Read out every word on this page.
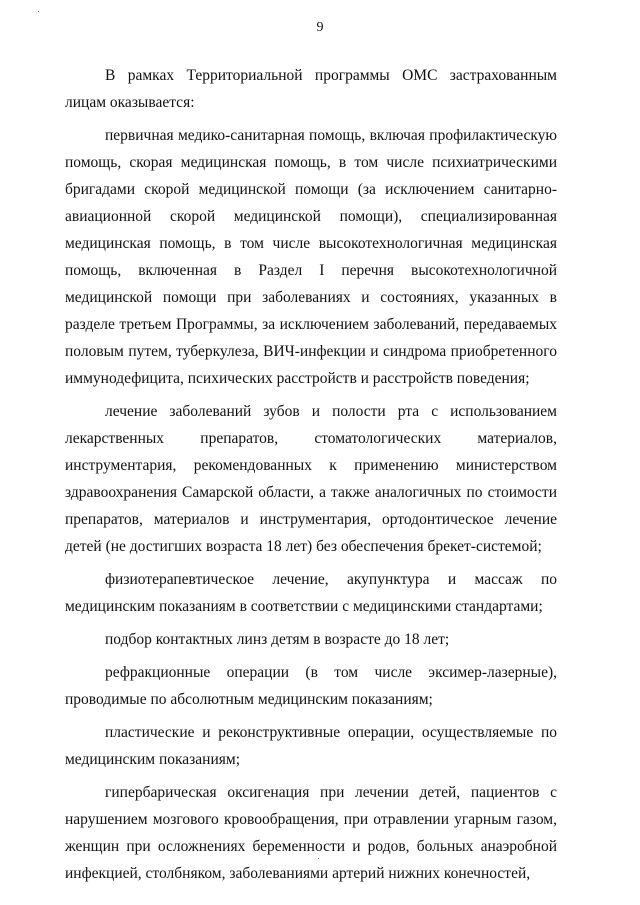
9

В рамках Территориальной программы ОМС застрахованным лицам оказывается:

первичная медико-санитарная помощь, включая профилактическую помощь, скорая медицинская помощь, в том числе психиатрическими бригадами скорой медицинской помощи (за исключением санитарно-авиационной скорой медицинской помощи), специализированная медицинская помощь, в том числе высокотехнологичная медицинская помощь, включенная в Раздел I перечня высокотехнологичной медицинской помощи при заболеваниях и состояниях, указанных в разделе третьем Программы, за исключением заболеваний, передаваемых половым путем, туберкулеза, ВИЧ-инфекции и синдрома приобретенного иммунодефицита, психических расстройств и расстройств поведения;

лечение заболеваний зубов и полости рта с использованием лекарственных препаратов, стоматологических материалов, инструментария, рекомендованных к применению министерством здравоохранения Самарской области, а также аналогичных по стоимости препаратов, материалов и инструментария, ортодонтическое лечение детей (не достигших возраста 18 лет) без обеспечения брекет-системой;

физиотерапевтическое лечение, акупунктура и массаж по медицинским показаниям в соответствии с медицинскими стандартами;

подбор контактных линз детям в возрасте до 18 лет;

рефракционные операции (в том числе эксимер-лазерные), проводимые по абсолютным медицинским показаниям;

пластические и реконструктивные операции, осуществляемые по медицинским показаниям;

гипербарическая оксигенация при лечении детей, пациентов с нарушением мозгового кровообращения, при отравлении угарным газом, женщин при осложнениях беременности и родов, больных анаэробной инфекцией, столбняком, заболеваниями артерий нижних конечностей,
